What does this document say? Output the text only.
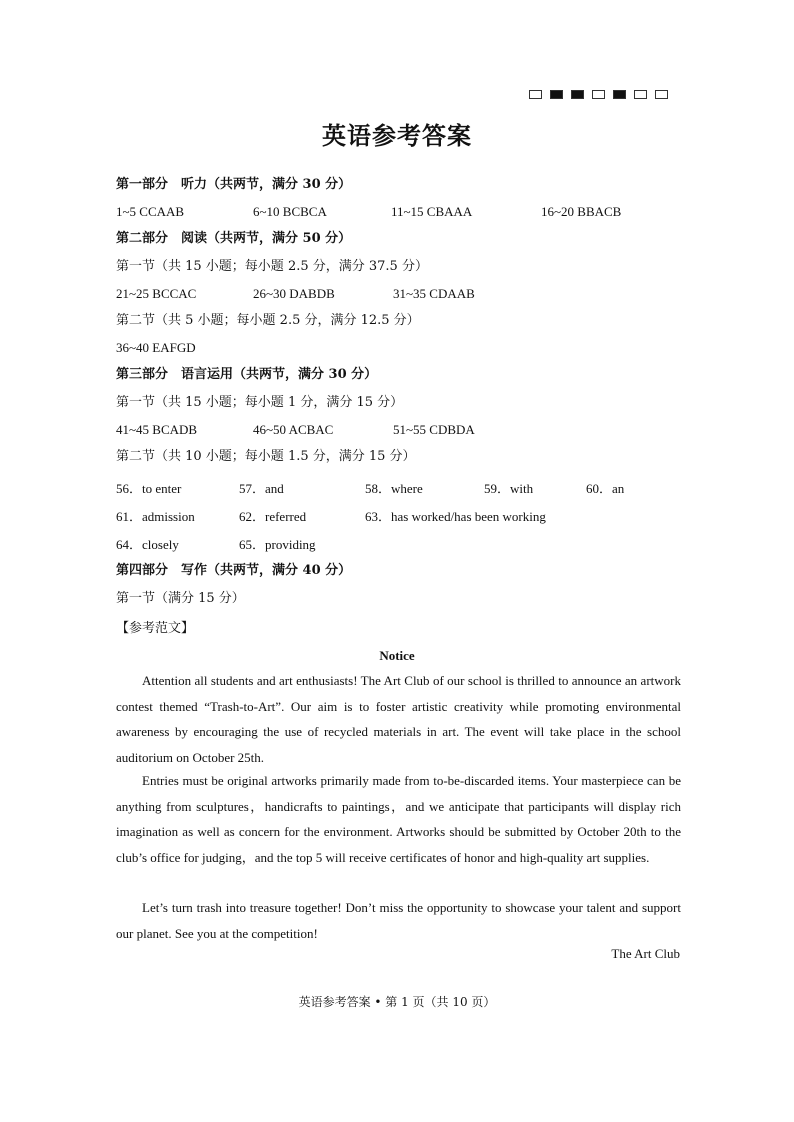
英语参考答案
第一部分　听力（共两节，满分 30 分）
1~5 CCAAB	6~10 BCBCA	11~15 CBAAA	16~20 BBACB
第二部分　阅读（共两节，满分 50 分）
第一节（共 15 小题；每小题 2.5 分，满分 37.5 分）
21~25 BCCAC	26~30 DABDB	31~35 CDAAB
第二节（共 5 小题；每小题 2.5 分，满分 12.5 分）
36~40 EAFGD
第三部分　语言运用（共两节，满分 30 分）
第一节（共 15 小题；每小题 1 分，满分 15 分）
41~45 BCADB	46~50 ACBAC	51~55 CDBDA
第二节（共 10 小题；每小题 1.5 分，满分 15 分）
56．to enter	57．and	58．where	59．with	60．an
61．admission	62．referred	63．has worked/has been working
64．closely	65．providing
第四部分　写作（共两节，满分 40 分）
第一节（满分 15 分）
【参考范文】
Notice
Attention all students and art enthusiasts! The Art Club of our school is thrilled to announce an artwork contest themed “Trash-to-Art”. Our aim is to foster artistic creativity while promoting environmental awareness by encouraging the use of recycled materials in art. The event will take place in the school auditorium on October 25th.
Entries must be original artworks primarily made from to-be-discarded items. Your masterpiece can be anything from sculptures，handicrafts to paintings，and we anticipate that participants will display rich imagination as well as concern for the environment. Artworks should be submitted by October 20th to the club’s office for judging，and the top 5 will receive certificates of honor and high-quality art supplies.
Let’s turn trash into treasure together! Don’t miss the opportunity to showcase your talent and support our planet. See you at the competition!
The Art Club
英语参考答案 • 第 1 页（共 10 页）
